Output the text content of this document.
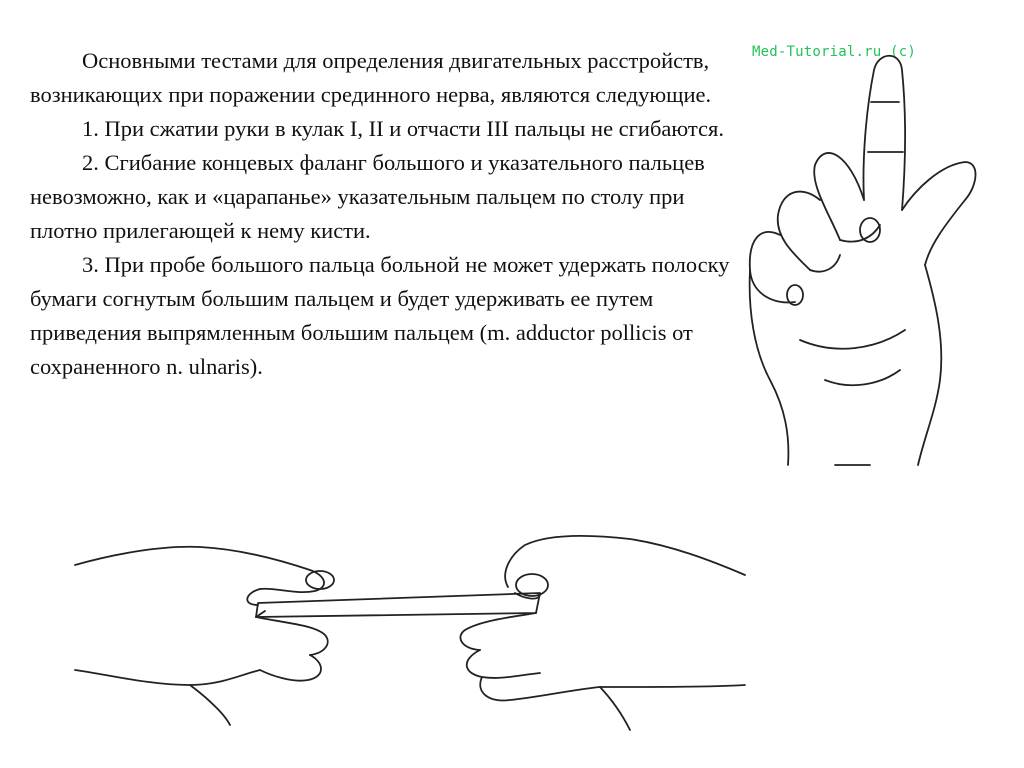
Основными тестами для определения двигательных расстройств, возникающих при поражении срединного нерва, являются следующие.

1. При сжатии руки в кулак I, II и отчасти III пальцы не сгибаются.

2. Сгибание концевых фаланг большого и указательного пальцев невозможно, как и «царапанье» указательным пальцем по столу при плотно прилегающей к нему кисти.

3. При пробе большого пальца больной не может удержать полоску бумаги согнутым большим пальцем и будет удерживать ее путем приведения выпрямленным большим пальцем (m. adductor pollicis от сохраненного n. ulnaris).

Med-Tutorial.ru (c)
